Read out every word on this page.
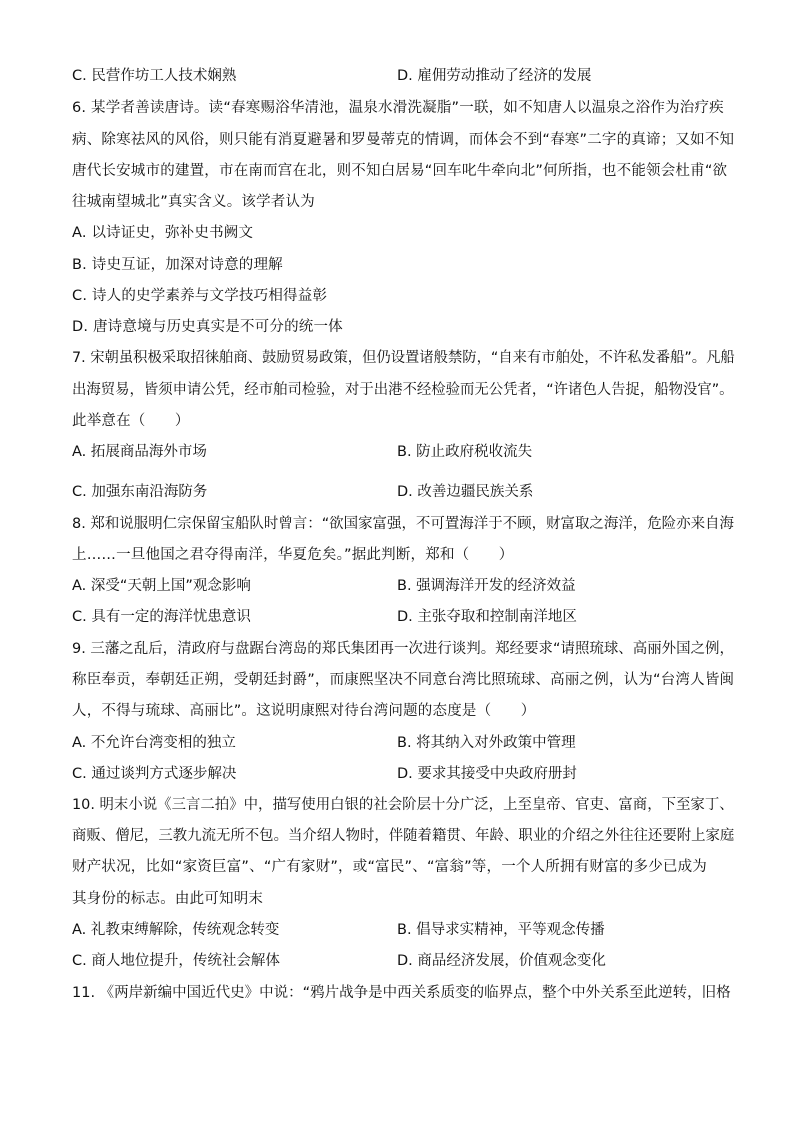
C. 民营作坊工人技术娴熟	D. 雇佣劳动推动了经济的发展
6. 某学者善读唐诗。读“春寒赐浴华清池，温泉水滑洗凝脂”一联，如不知唐人以温泉之浴作为治疗疾
病、除寒祛风的风俗，则只能有消夏避暑和罗曼蒂克的情调，而体会不到“春寒”二字的真谛；又如不知
唐代长安城市的建置，市在南而宫在北，则不知白居易“回车叱牛牵向北”何所指，也不能领会杜甫“欲
往城南望城北”真实含义。该学者认为
A. 以诗证史，弥补史书阙文
B. 诗史互证，加深对诗意的理解
C. 诗人的史学素养与文学技巧相得益彰
D. 唐诗意境与历史真实是不可分的统一体
7. 宋朝虽积极采取招徕舶商、鼓励贸易政策，但仍设置诸般禁防，“自来有市舶处，不许私发番船”。凡船
出海贸易，皆须申请公凭，经市舶司检验，对于出港不经检验而无公凭者，“许诸色人告捉，船物没官”。
此举意在（　　）
A. 拓展商品海外市场	B. 防止政府税收流失
C. 加强东南沿海防务	D. 改善边疆民族关系
8. 郑和说服明仁宗保留宝船队时曾言：“欲国家富强，不可置海洋于不顾，财富取之海洋，危险亦来自海
上……一旦他国之君夺得南洋，华夏危矣。”据此判断，郑和（　　）
A. 深受“天朝上国”观念影响	B. 强调海洋开发的经济效益
C. 具有一定的海洋忧患意识	D. 主张夺取和控制南洋地区
9. 三藩之乱后，清政府与盘踞台湾岛的郑氏集团再一次进行谈判。郑经要求“请照琉球、高丽外国之例，
称臣奉贡，奉朝廷正朔，受朝廷封爵”，而康熙坚决不同意台湾比照琉球、高丽之例，认为“台湾人皆闽
人，不得与琉球、高丽比”。这说明康熙对待台湾问题的态度是（　　）
A. 不允许台湾变相的独立	B. 将其纳入对外政策中管理
C. 通过谈判方式逐步解决	D. 要求其接受中央政府册封
10. 明末小说《三言二拍》中，描写使用白银的社会阶层十分广泛，上至皇帝、官吏、富商，下至家丁、
商贩、僧尼，三教九流无所不包。当介绍人物时，伴随着籍贯、年龄、职业的介绍之外往往还要附上家庭
财产状况，比如“家资巨富”、“广有家财”，或“富民”、“富翁”等，一个人所拥有财富的多少已成为
其身份的标志。由此可知明末
A. 礼教束缚解除，传统观念转变	B. 倡导求实精神，平等观念传播
C. 商人地位提升，传统社会解体	D. 商品经济发展，价值观念变化
11. 《两岸新编中国近代史》中说：“鸦片战争是中西关系质变的临界点，整个中外关系至此逆转，旧格
